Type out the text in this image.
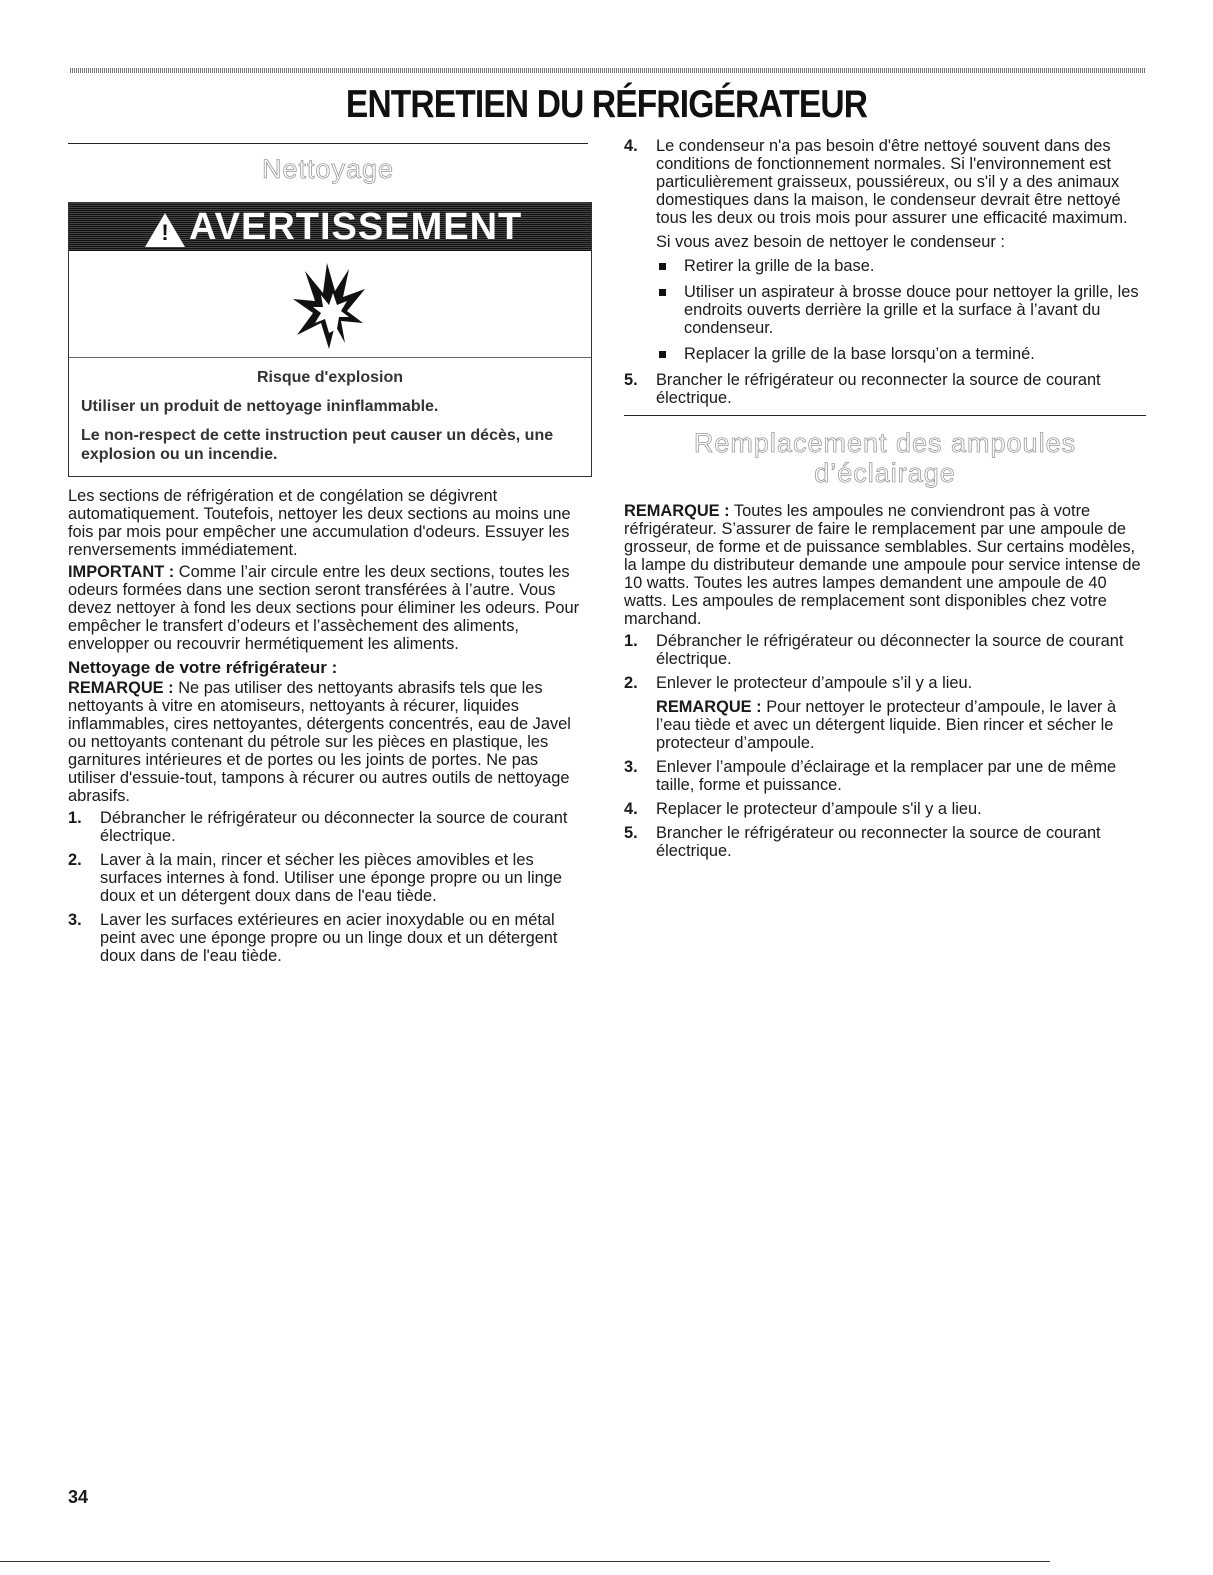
ENTRETIEN DU RÉFRIGÉRATEUR
Nettoyage
! AVERTISSEMENT

Risque d'explosion

Utiliser un produit de nettoyage ininflammable.

Le non-respect de cette instruction peut causer un décès, une explosion ou un incendie.

Les sections de réfrigération et de congélation se dégivrent automatiquement. Toutefois, nettoyer les deux sections au moins une fois par mois pour empêcher une accumulation d'odeurs. Essuyer les renversements immédiatement.

IMPORTANT : Comme l’air circule entre les deux sections, toutes les odeurs formées dans une section seront transférées à l’autre. Vous devez nettoyer à fond les deux sections pour éliminer les odeurs. Pour empêcher le transfert d’odeurs et l’assèchement des aliments, envelopper ou recouvrir hermétiquement les aliments.

Nettoyage de votre réfrigérateur :

REMARQUE : Ne pas utiliser des nettoyants abrasifs tels que les nettoyants à vitre en atomiseurs, nettoyants à récurer, liquides inflammables, cires nettoyantes, détergents concentrés, eau de Javel ou nettoyants contenant du pétrole sur les pièces en plastique, les garnitures intérieures et de portes ou les joints de portes. Ne pas utiliser d'essuie-tout, tampons à récurer ou autres outils de nettoyage abrasifs.

1. Débrancher le réfrigérateur ou déconnecter la source de courant électrique.
2. Laver à la main, rincer et sécher les pièces amovibles et les surfaces internes à fond. Utiliser une éponge propre ou un linge doux et un détergent doux dans de l'eau tiède.
3. Laver les surfaces extérieures en acier inoxydable ou en métal peint avec une éponge propre ou un linge doux et un détergent doux dans de l'eau tiède.
4. Le condenseur n'a pas besoin d'être nettoyé souvent dans des conditions de fonctionnement normales. Si l'environnement est particulièrement graisseux, poussiéreux, ou s'il y a des animaux domestiques dans la maison, le condenseur devrait être nettoyé tous les deux ou trois mois pour assurer une efficacité maximum.

Si vous avez besoin de nettoyer le condenseur :

Retirer la grille de la base.
Utiliser un aspirateur à brosse douce pour nettoyer la grille, les endroits ouverts derrière la grille et la surface à l’avant du condenseur.
Replacer la grille de la base lorsqu’on a terminé.
5. Brancher le réfrigérateur ou reconnecter la source de courant électrique.
Remplacement des ampoules
d’éclairage

REMARQUE : Toutes les ampoules ne conviendront pas à votre réfrigérateur. S’assurer de faire le remplacement par une ampoule de grosseur, de forme et de puissance semblables. Sur certains modèles, la lampe du distributeur demande une ampoule pour service intense de 10 watts. Toutes les autres lampes demandent une ampoule de 40 watts. Les ampoules de remplacement sont disponibles chez votre marchand.

1. Débrancher le réfrigérateur ou déconnecter la source de courant électrique.
2. Enlever le protecteur d’ampoule s’il y a lieu.

REMARQUE : Pour nettoyer le protecteur d’ampoule, le laver à l’eau tiède et avec un détergent liquide. Bien rincer et sécher le protecteur d’ampoule.

3. Enlever l’ampoule d’éclairage et la remplacer par une de même taille, forme et puissance.
4. Replacer le protecteur d’ampoule s'il y a lieu.
5. Brancher le réfrigérateur ou reconnecter la source de courant électrique.
34
